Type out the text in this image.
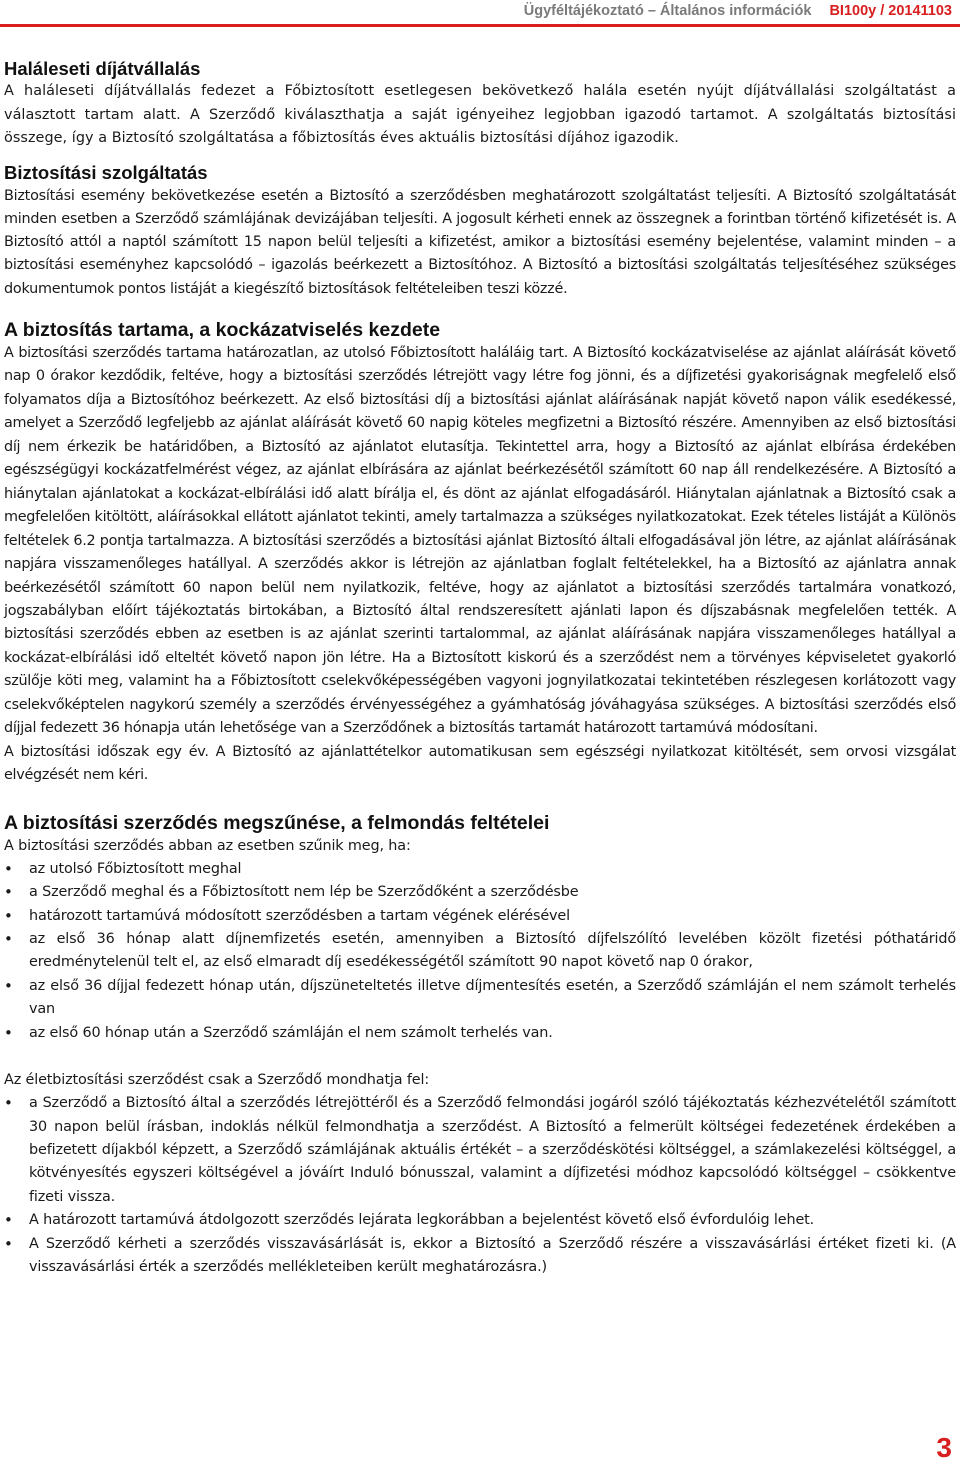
Ügyféltájékoztató – Általános információk BI100y / 20141103
Haláleseti díjátvállalás

A haláleseti díjátvállalás fedezet a Főbiztosított esetlegesen bekövetkező halála esetén nyújt díjátvállalási szolgáltatást a választott tartam alatt. A Szerződő kiválaszthatja a saját igényeihez legjobban igazodó tartamot. A szolgáltatás biztosítási összege, így a Biztosító szolgáltatása a főbiztosítás éves aktuális biztosítási díjához igazodik.

Biztosítási szolgáltatás

Biztosítási esemény bekövetkezése esetén a Biztosító a szerződésben meghatározott szolgáltatást teljesíti. A Biztosító szolgáltatását minden esetben a Szerződő számlájának devizájában teljesíti. A jogosult kérheti ennek az összegnek a forintban történő kifizetését is. A Biztosító attól a naptól számított 15 napon belül teljesíti a kifizetést, amikor a biztosítási esemény bejelentése, valamint minden – a biztosítási eseményhez kapcsolódó – igazolás beérkezett a Biztosítóhoz. A Biztosító a biztosítási szolgáltatás teljesítéséhez szükséges dokumentumok pontos listáját a kiegészítő biztosítások feltételeiben teszi közzé.

A biztosítás tartama, a kockázatviselés kezdete

A biztosítási szerződés tartama határozatlan, az utolsó Főbiztosított haláláig tart. A Biztosító kockázatviselése az ajánlat aláírását követő nap 0 órakor kezdődik, feltéve, hogy a biztosítási szerződés létrejött vagy létre fog jönni, és a díjfizetési gyakoriságnak megfelelő első folyamatos díja a Biztosítóhoz beérkezett. Az első biztosítási díj a biztosítási ajánlat aláírásának napját követő napon válik esedékessé, amelyet a Szerződő legfeljebb az ajánlat aláírását követő 60 napig köteles megfizetni a Biztosító részére. Amennyiben az első biztosítási díj nem érkezik be határidőben, a Biztosító az ajánlatot elutasítja. Tekintettel arra, hogy a Biztosító az ajánlat elbírása érdekében egészségügyi kockázatfelmérést végez, az ajánlat elbírására az ajánlat beérkezésétől számított 60 nap áll rendelkezésére. A Biztosító a hiánytalan ajánlatokat a kockázat-elbírálási idő alatt bírálja el, és dönt az ajánlat elfogadásáról. Hiánytalan ajánlatnak a Biztosító csak a megfelelően kitöltött, aláírásokkal ellátott ajánlatot tekinti, amely tartalmazza a szükséges nyilatkozatokat. Ezek tételes listáját a Különös feltételek 6.2 pontja tartalmazza. A biztosítási szerződés a biztosítási ajánlat Biztosító általi elfogadásával jön létre, az ajánlat aláírásának napjára visszamenőleges hatállyal. A szerződés akkor is létrejön az ajánlatban foglalt feltételekkel, ha a Biztosító az ajánlatra annak beérkezésétől számított 60 napon belül nem nyilatkozik, feltéve, hogy az ajánlatot a biztosítási szerződés tartalmára vonatkozó, jogszabályban előírt tájékoztatás birtokában, a Biztosító által rendszeresített ajánlati lapon és díjszabásnak megfelelően tették. A biztosítási szerződés ebben az esetben is az ajánlat szerinti tartalommal, az ajánlat aláírásának napjára visszamenőleges hatállyal a kockázat-elbírálási idő elteltét követő napon jön létre. Ha a Biztosított kiskorú és a szerződést nem a törvényes képviseletet gyakorló szülője köti meg, valamint ha a Főbiztosított cselekvőképességében vagyoni jognyilatkozatai tekintetében részlegesen korlátozott vagy cselekvőképtelen nagykorú személy a szerződés érvényességéhez a gyámhatóság jóváhagyása szükséges. A biztosítási szerződés első díjjal fedezett 36 hónapja után lehetősége van a Szerződőnek a biztosítás tartamát határozott tartamúvá módosítani.

A biztosítási időszak egy év. A Biztosító az ajánlattételkor automatikusan sem egészségi nyilatkozat kitöltését, sem orvosi vizsgálat elvégzését nem kéri.

A biztosítási szerződés megszűnése, a felmondás feltételei

A biztosítási szerződés abban az esetben szűnik meg, ha:

• az utolsó Főbiztosított meghal
• a Szerződő meghal és a Főbiztosított nem lép be Szerződőként a szerződésbe
• határozott tartamúvá módosított szerződésben a tartam végének elérésével
• az első 36 hónap alatt díjnemfizetés esetén, amennyiben a Biztosító díjfelszólító levelében közölt fizetési póthatáridő eredménytelenül telt el, az első elmaradt díj esedékességétől számított 90 napot követő nap 0 órakor,
• az első 36 díjjal fedezett hónap után, díjszüneteltetés illetve díjmentesítés esetén, a Szerződő számláján el nem számolt terhelés van
• az első 60 hónap után a Szerződő számláján el nem számolt terhelés van.

Az életbiztosítási szerződést csak a Szerződő mondhatja fel:

• a Szerződő a Biztosító által a szerződés létrejöttéről és a Szerződő felmondási jogáról szóló tájékoztatás kézhezvételétől számított 30 napon belül írásban, indoklás nélkül felmondhatja a szerződést. A Biztosító a felmerült költségei fedezetének érdekében a befizetett díjakból képzett, a Szerződő számlájának aktuális értékét – a szerződéskötési költséggel, a számlakezelési költséggel, a kötvényesítés egyszeri költségével a jóváírt Induló bónusszal, valamint a díjfizetési módhoz kapcsolódó költséggel – csökkentve fizeti vissza.
• A határozott tartamúvá átdolgozott szerződés lejárata legkorábban a bejelentést követő első évfordulóig lehet.
• A Szerződő kérheti a szerződés visszavásárlását is, ekkor a Biztosító a Szerződő részére a visszavásárlási értéket fizeti ki. (A visszavásárlási érték a szerződés mellékleteiben került meghatározásra.)
3
